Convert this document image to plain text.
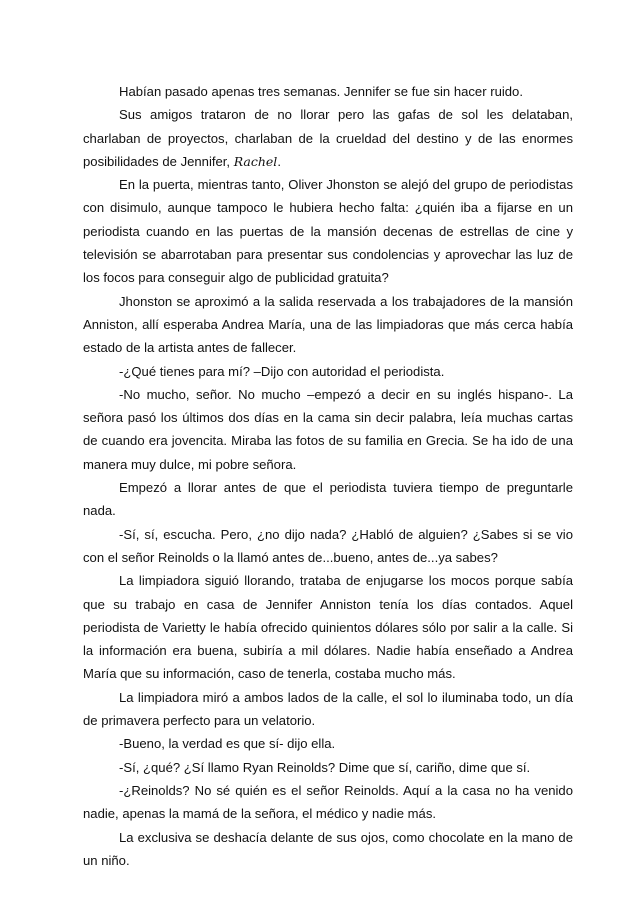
Habían pasado apenas tres semanas. Jennifer se fue sin hacer ruido.

Sus amigos trataron de no llorar pero las gafas de sol les delataban, charlaban de proyectos, charlaban de la crueldad del destino y de las enormes posibilidades de Jennifer, Rachel.

En la puerta, mientras tanto, Oliver Jhonston se alejó del grupo de periodistas con disimulo, aunque tampoco le hubiera hecho falta: ¿quién iba a fijarse en un periodista cuando en las puertas de la mansión decenas de estrellas de cine y televisión se abarrotaban para presentar sus condolencias y aprovechar las luz de los focos para conseguir algo de publicidad gratuita?

Jhonston se aproximó a la salida reservada a los trabajadores de la mansión Anniston, allí esperaba Andrea María, una de las limpiadoras que más cerca había estado de la artista antes de fallecer.

-¿Qué tienes para mí? –Dijo con autoridad el periodista.

-No mucho, señor. No mucho –empezó a decir en su inglés hispano-. La señora pasó los últimos dos días en la cama sin decir palabra, leía muchas cartas de cuando era jovencita. Miraba las fotos de su familia en Grecia. Se ha ido de una manera muy dulce, mi pobre señora.

Empezó a llorar antes de que el periodista tuviera tiempo de preguntarle nada.

-Sí, sí, escucha. Pero, ¿no dijo nada? ¿Habló de alguien? ¿Sabes si se vio con el señor Reinolds o la llamó antes de...bueno, antes de...ya sabes?

La limpiadora siguió llorando, trataba de enjugarse los mocos porque sabía que su trabajo en casa de Jennifer Anniston tenía los días contados. Aquel periodista de Varietty le había ofrecido quinientos dólares sólo por salir a la calle. Si la información era buena, subiría a mil dólares. Nadie había enseñado a Andrea María que su información, caso de tenerla, costaba mucho más.

La limpiadora miró a ambos lados de la calle, el sol lo iluminaba todo, un día de primavera perfecto para un velatorio.

-Bueno, la verdad es que sí- dijo ella.

-Sí, ¿qué? ¿Sí llamo Ryan Reinolds? Dime que sí, cariño, dime que sí.

-¿Reinolds? No sé quién es el señor Reinolds. Aquí a la casa no ha venido nadie, apenas la mamá de la señora, el médico y nadie más.

La exclusiva se deshacía delante de sus ojos, como chocolate en la mano de un niño.
